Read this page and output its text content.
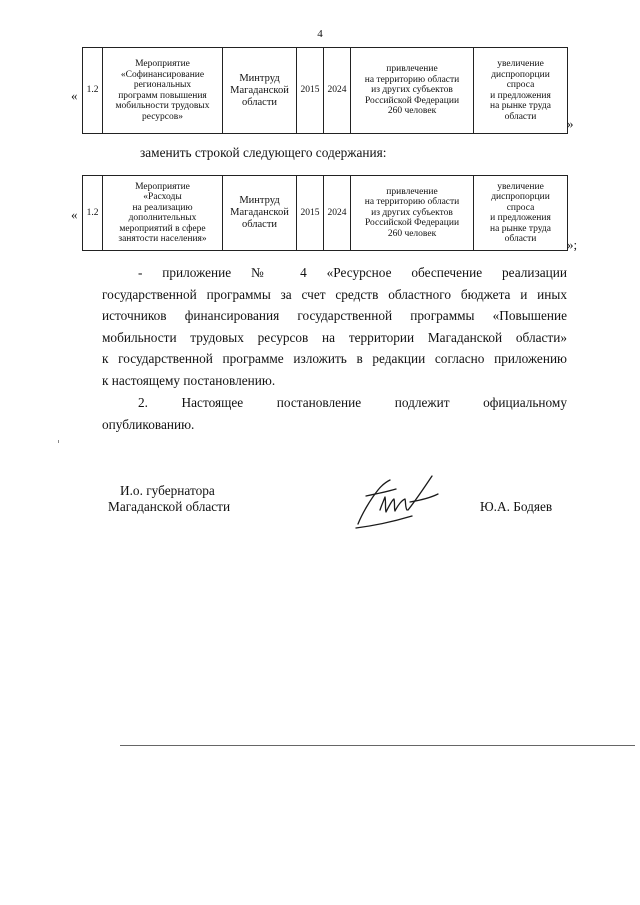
4
« 1.2	Мероприятие
«Софинансирование
региональных
программ повышения
мобильности трудовых
ресурсов»	Минтруд
Магаданской
области	2015	2024	привлечение
на территорию области
из других субъектов
Российской Федерации
260 человек	увеличение
диспропорции
спроса
и предложения
на рынке труда
области »
заменить строкой следующего содержания:
« 1.2	Мероприятие
«Расходы
на реализацию
дополнительных
мероприятий в сфере
занятости населения»	Минтруд
Магаданской
области	2015	2024	привлечение
на территорию области
из других субъектов
Российской Федерации
260 человек	увеличение
диспропорции
спроса
и предложения
на рынке труда
области »;
- приложение № 4 «Ресурсное обеспечение реализации
государственной программы за счет средств областного бюджета и иных
источников финансирования государственной программы «Повышение
мобильности трудовых ресурсов на территории Магаданской области»
к государственной программе изложить в редакции согласно приложению
к настоящему постановлению.
2. Настоящее постановление подлежит официальному
опубликованию.
И.о. губернатора
Магаданской области	Ю.А. Бодяев
